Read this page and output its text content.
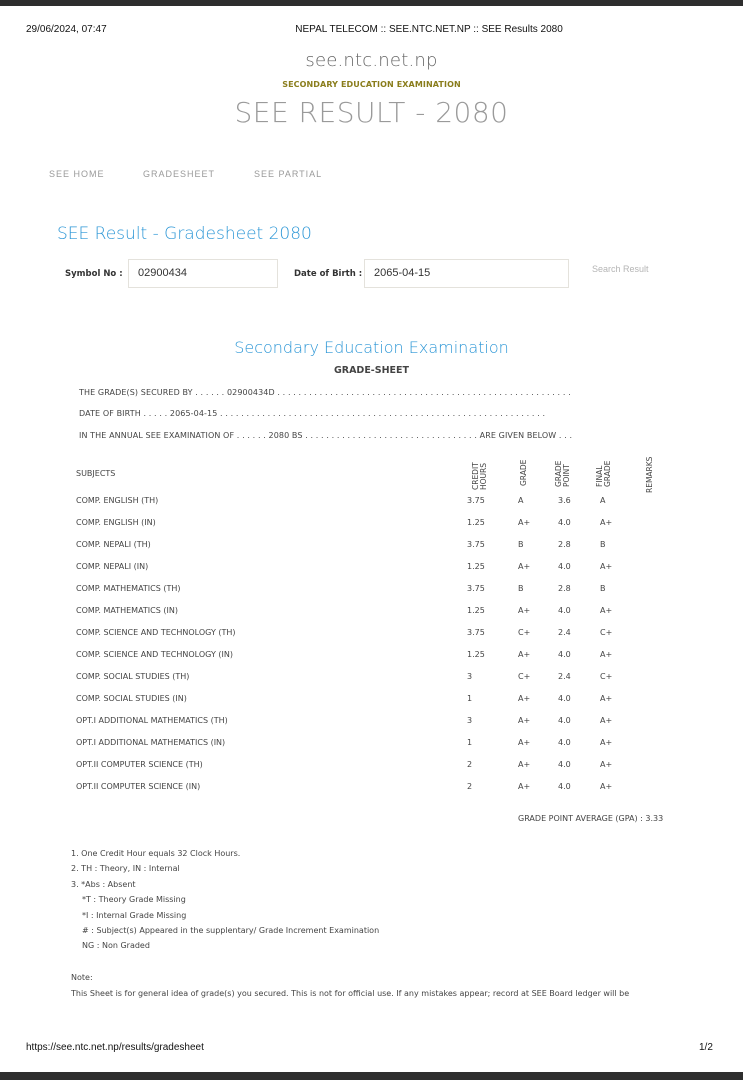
29/06/2024, 07:47	NEPAL TELECOM :: SEE.NTC.NET.NP :: SEE Results 2080
see.ntc.net.np
SECONDARY EDUCATION EXAMINATION
SEE RESULT - 2080
SEE HOME	GRADESHEET	SEE PARTIAL
SEE Result - Gradesheet 2080
Symbol No :	02900434	Date of Birth :	2065-04-15	Search Result
Secondary Education Examination
GRADE-SHEET
THE GRADE(S) SECURED BY . . . . . . 02900434D . . . . . . . . . . . . . . . . . . . . . . . . . . . . . . . . . . . . . . . . . . . . . . . . . . . . . . . .
DATE OF BIRTH . . . . . 2065-04-15 . . . . . . . . . . . . . . . . . . . . . . . . . . . . . . . . . . . . . . . . . . . . . . . . . . . . . . . . . . . . . .
IN THE ANNUAL SEE EXAMINATION OF . . . . . . 2080 BS . . . . . . . . . . . . . . . . . . . . . . . . . . . . . . . . . ARE GIVEN BELOW . . .
SUBJECTS	CREDIT HOURS	GRADE	GRADE POINT	FINAL GRADE	REMARKS
COMP. ENGLISH (TH)	3.75	A	3.6	A
COMP. ENGLISH (IN)	1.25	A+	4.0	A+
COMP. NEPALI (TH)	3.75	B	2.8	B
COMP. NEPALI (IN)	1.25	A+	4.0	A+
COMP. MATHEMATICS (TH)	3.75	B	2.8	B
COMP. MATHEMATICS (IN)	1.25	A+	4.0	A+
COMP. SCIENCE AND TECHNOLOGY (TH)	3.75	C+	2.4	C+
COMP. SCIENCE AND TECHNOLOGY (IN)	1.25	A+	4.0	A+
COMP. SOCIAL STUDIES (TH)	3	C+	2.4	C+
COMP. SOCIAL STUDIES (IN)	1	A+	4.0	A+
OPT.I ADDITIONAL MATHEMATICS (TH)	3	A+	4.0	A+
OPT.I ADDITIONAL MATHEMATICS (IN)	1	A+	4.0	A+
OPT.II COMPUTER SCIENCE (TH)	2	A+	4.0	A+
OPT.II COMPUTER SCIENCE (IN)	2	A+	4.0	A+
GRADE POINT AVERAGE (GPA) : 3.33
1. One Credit Hour equals 32 Clock Hours.
2. TH : Theory, IN : Internal
3. *Abs : Absent
*T : Theory Grade Missing
*I : Internal Grade Missing
# : Subject(s) Appeared in the supplentary/ Grade Increment Examination
NG : Non Graded
Note:
This Sheet is for general idea of grade(s) you secured. This is not for official use. If any mistakes appear; record at SEE Board ledger will be
https://see.ntc.net.np/results/gradesheet	1/2
